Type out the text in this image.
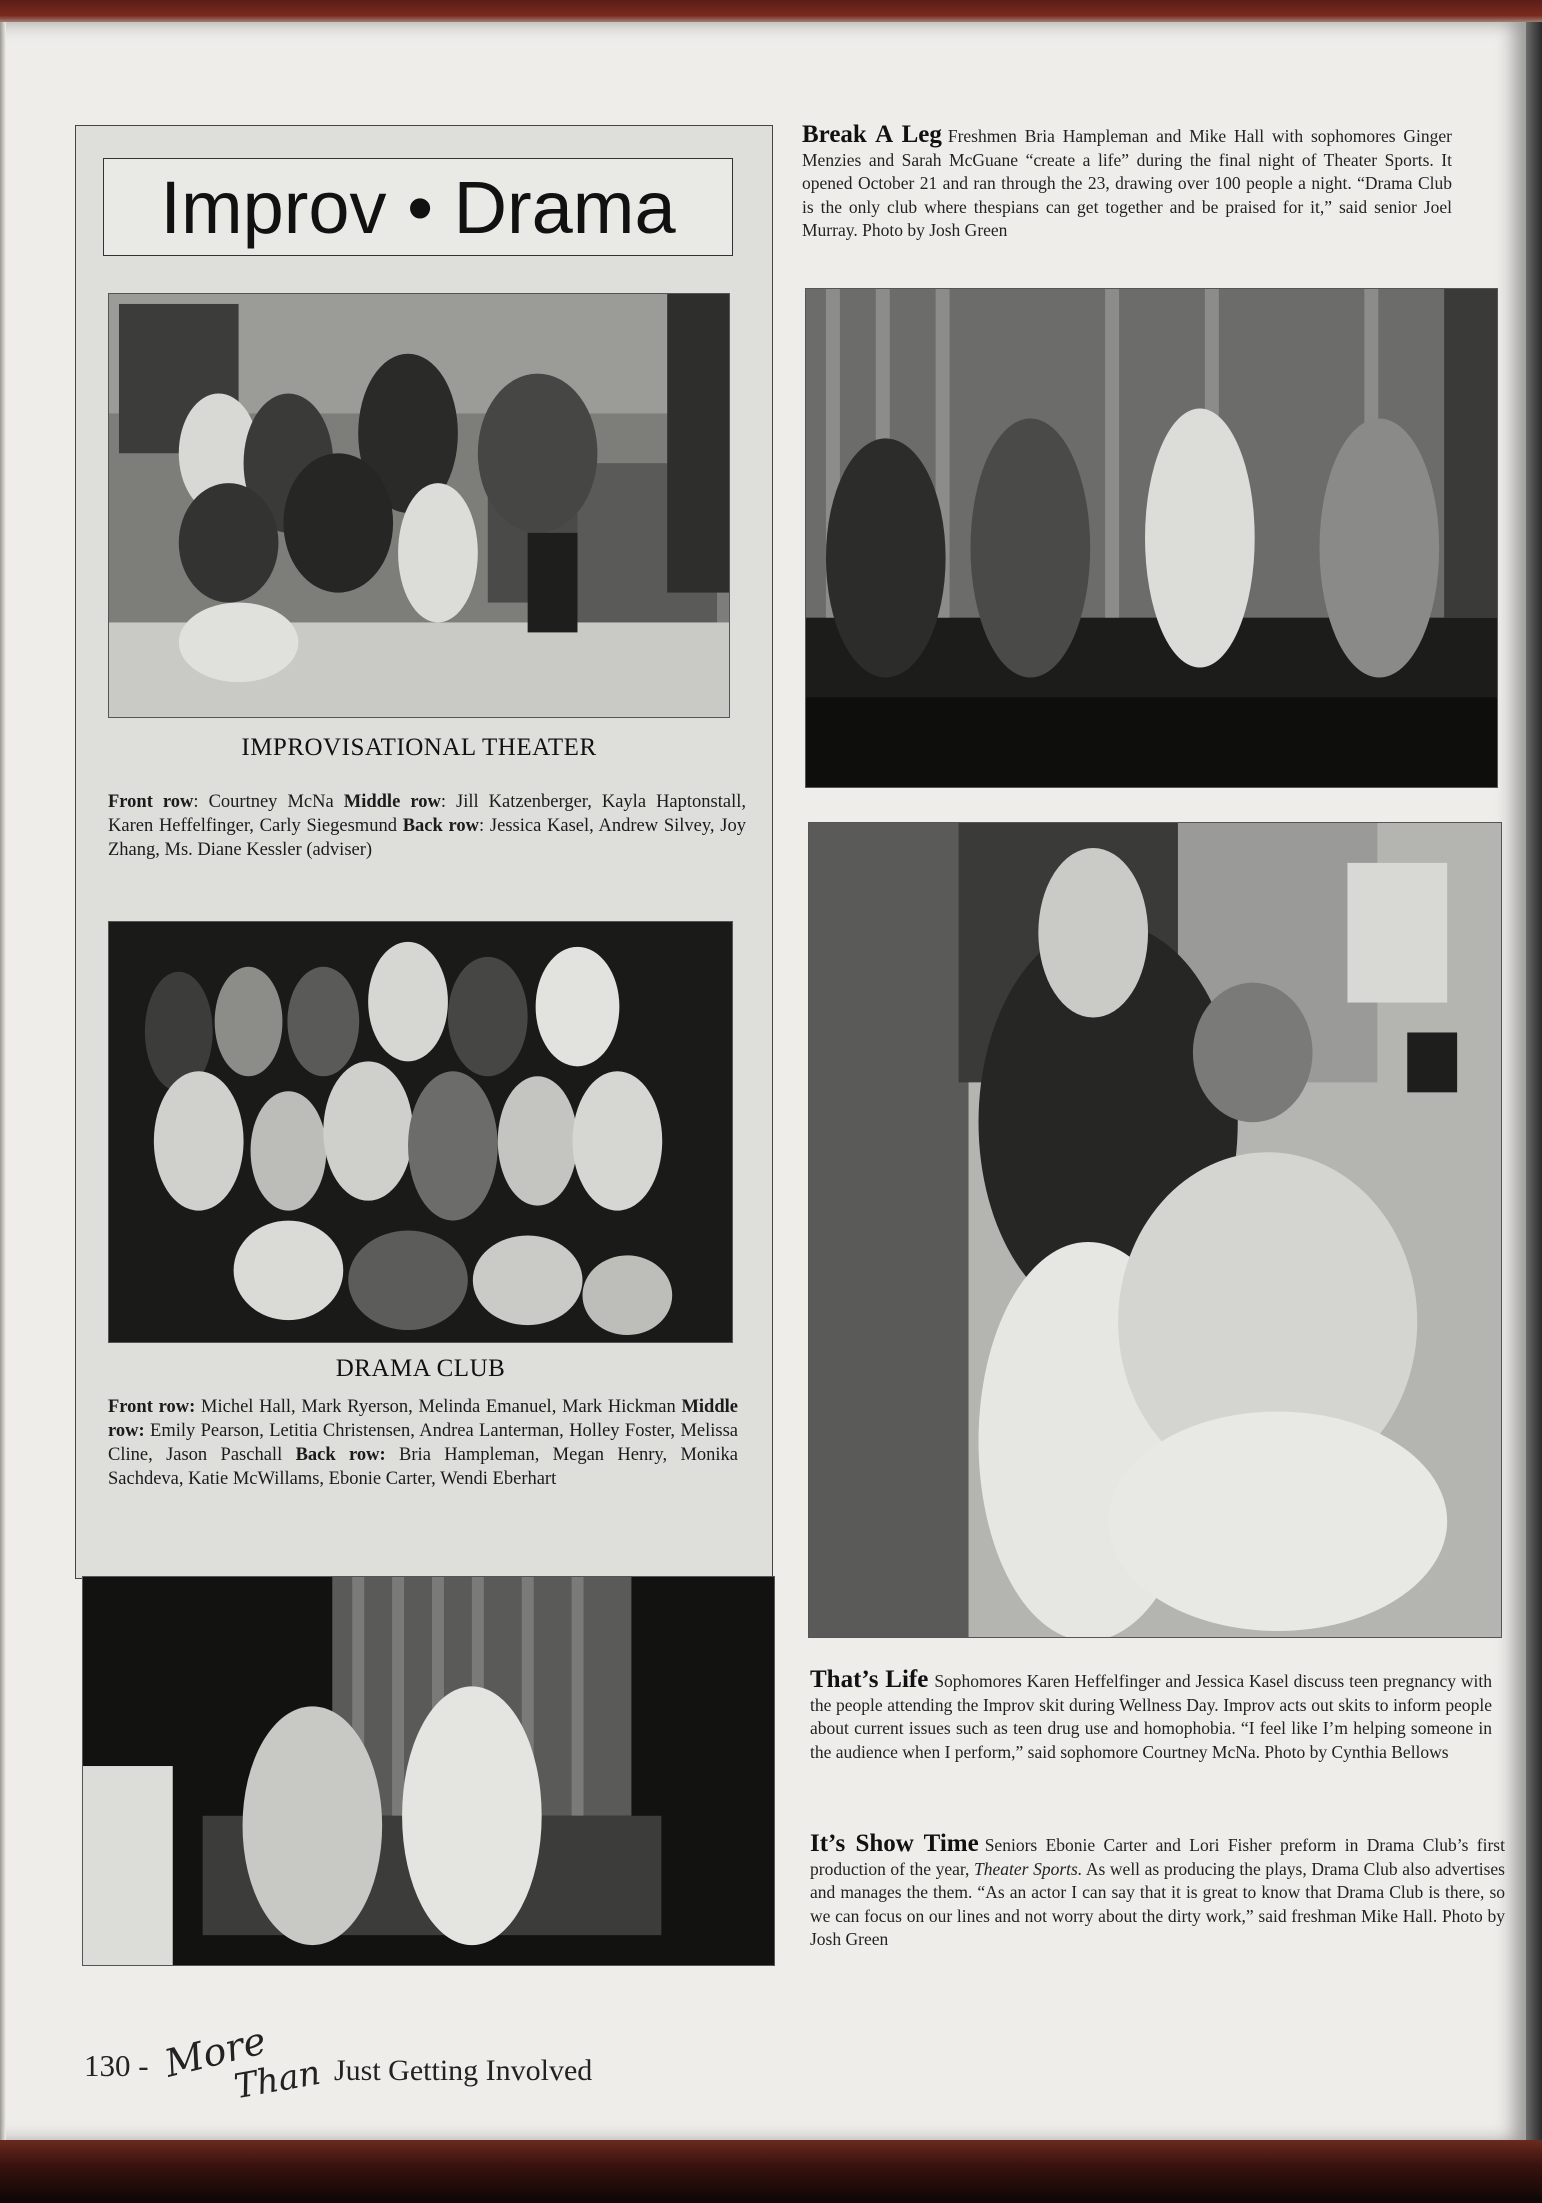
Improv • Drama
IMPROVISATIONAL THEATER
Front row: Courtney McNa Middle row: Jill Katzenberger, Kayla Haptonstall, Karen Heffelfinger, Carly Siegesmund Back row: Jessica Kasel, Andrew Silvey, Joy Zhang, Ms. Diane Kessler (adviser)
DRAMA CLUB
Front row: Michel Hall, Mark Ryerson, Melinda Emanuel, Mark Hickman Middle row: Emily Pearson, Letitia Christensen, Andrea Lanterman, Holley Foster, Melissa Cline, Jason Paschall Back row: Bria Hampleman, Megan Henry, Monika Sachdeva, Katie McWillams, Ebonie Carter, Wendi Eberhart
Break A Leg Freshmen Bria Hampleman and Mike Hall with sophomores Ginger Menzies and Sarah McGuane “create a life” during the final night of Theater Sports. It opened October 21 and ran through the 23, drawing over 100 people a night. “Drama Club is the only club where thespians can get together and be praised for it,” said senior Joel Murray. Photo by Josh Green
That’s Life Sophomores Karen Heffelfinger and Jessica Kasel discuss teen pregnancy with the people attending the Improv skit during Wellness Day. Improv acts out skits to inform people about current issues such as teen drug use and homophobia. “I feel like I’m helping someone in the audience when I perform,” said sophomore Courtney McNa. Photo by Cynthia Bellows
It’s Show Time Seniors Ebonie Carter and Lori Fisher preform in Drama Club’s first production of the year, Theater Sports. As well as producing the plays, Drama Club also advertises and manages the them. “As an actor I can say that it is great to know that Drama Club is there, so we can focus on our lines and not worry about the dirty work,” said freshman Mike Hall. Photo by Josh Green
130 - More
Than Just Getting Involved
